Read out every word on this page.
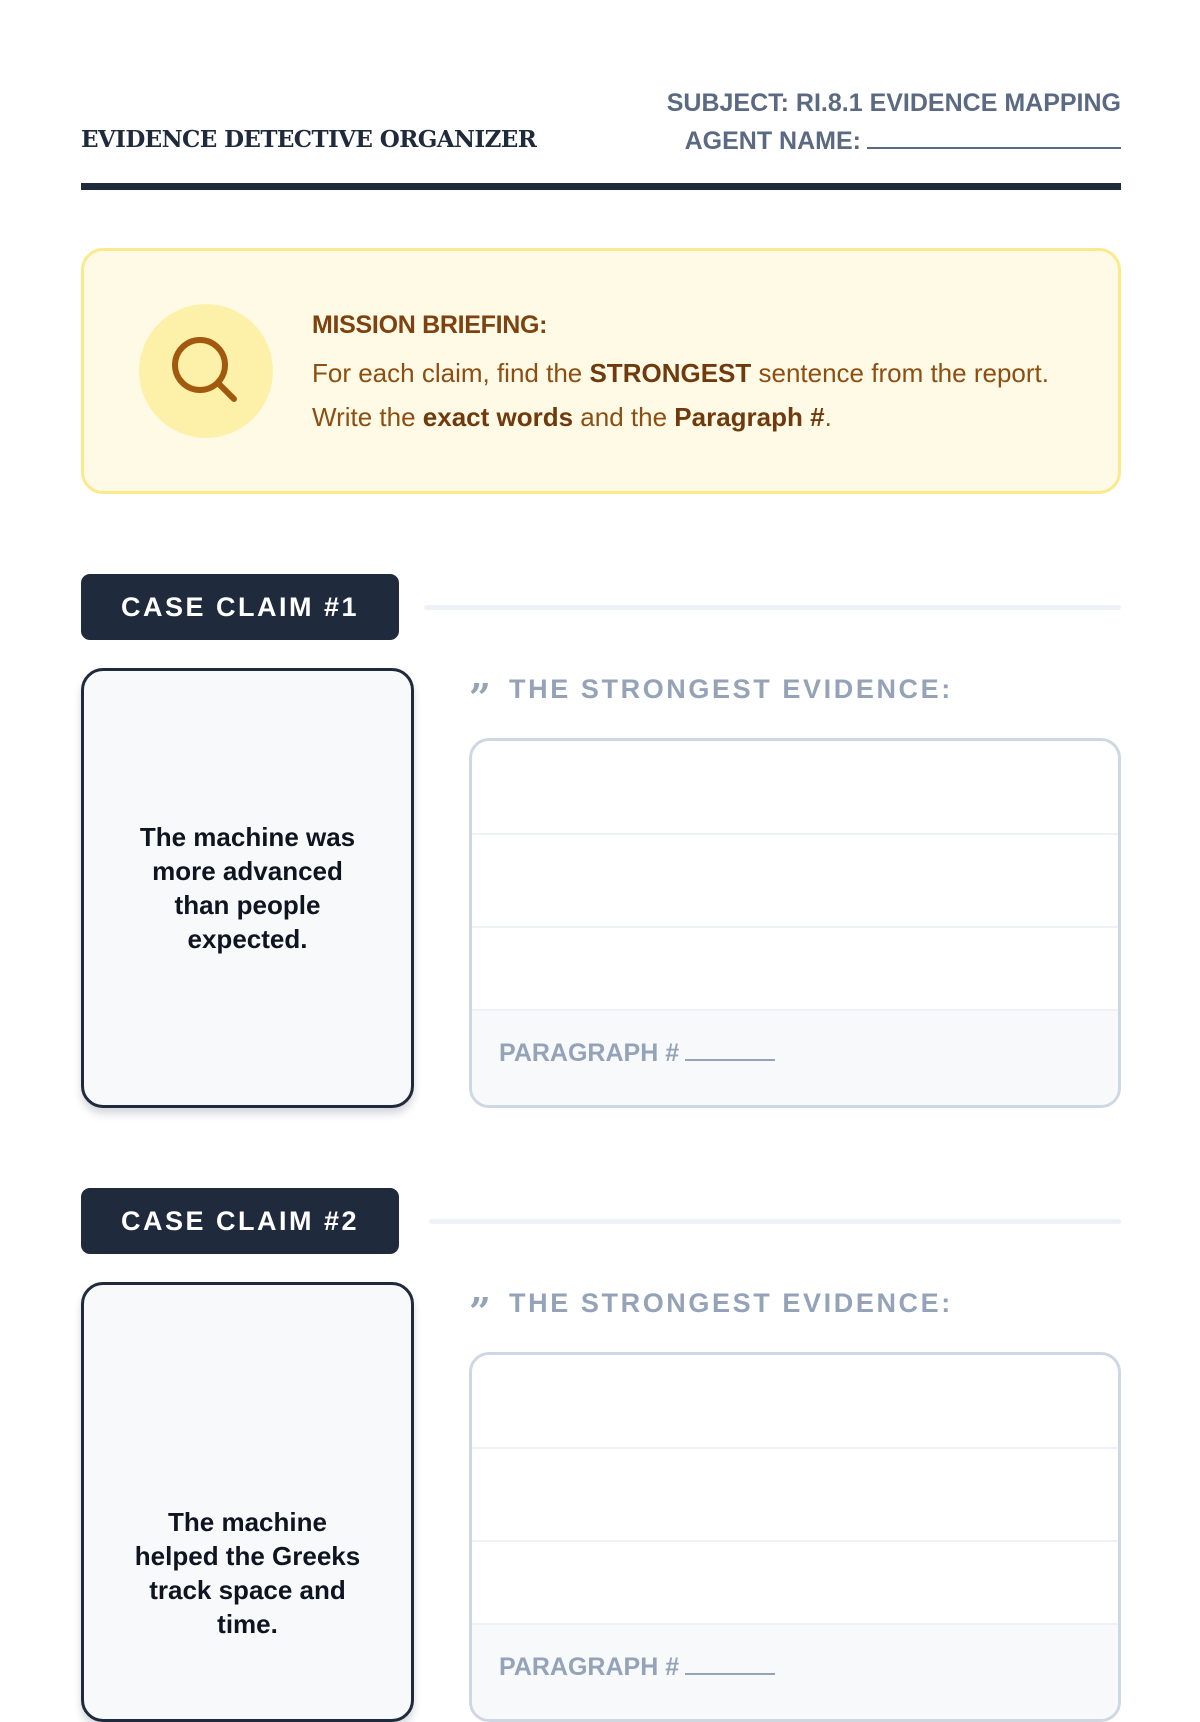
EVIDENCE DETECTIVE ORGANIZER
SUBJECT: RI.8.1 EVIDENCE MAPPING
AGENT NAME:
MISSION BRIEFING:
For each claim, find the STRONGEST sentence from the report. Write the exact words and the Paragraph #.
CASE CLAIM #1
The machine was more advanced than people expected.
” THE STRONGEST EVIDENCE:
PARAGRAPH #
CASE CLAIM #2
The machine helped the Greeks track space and time.
” THE STRONGEST EVIDENCE:
PARAGRAPH #
